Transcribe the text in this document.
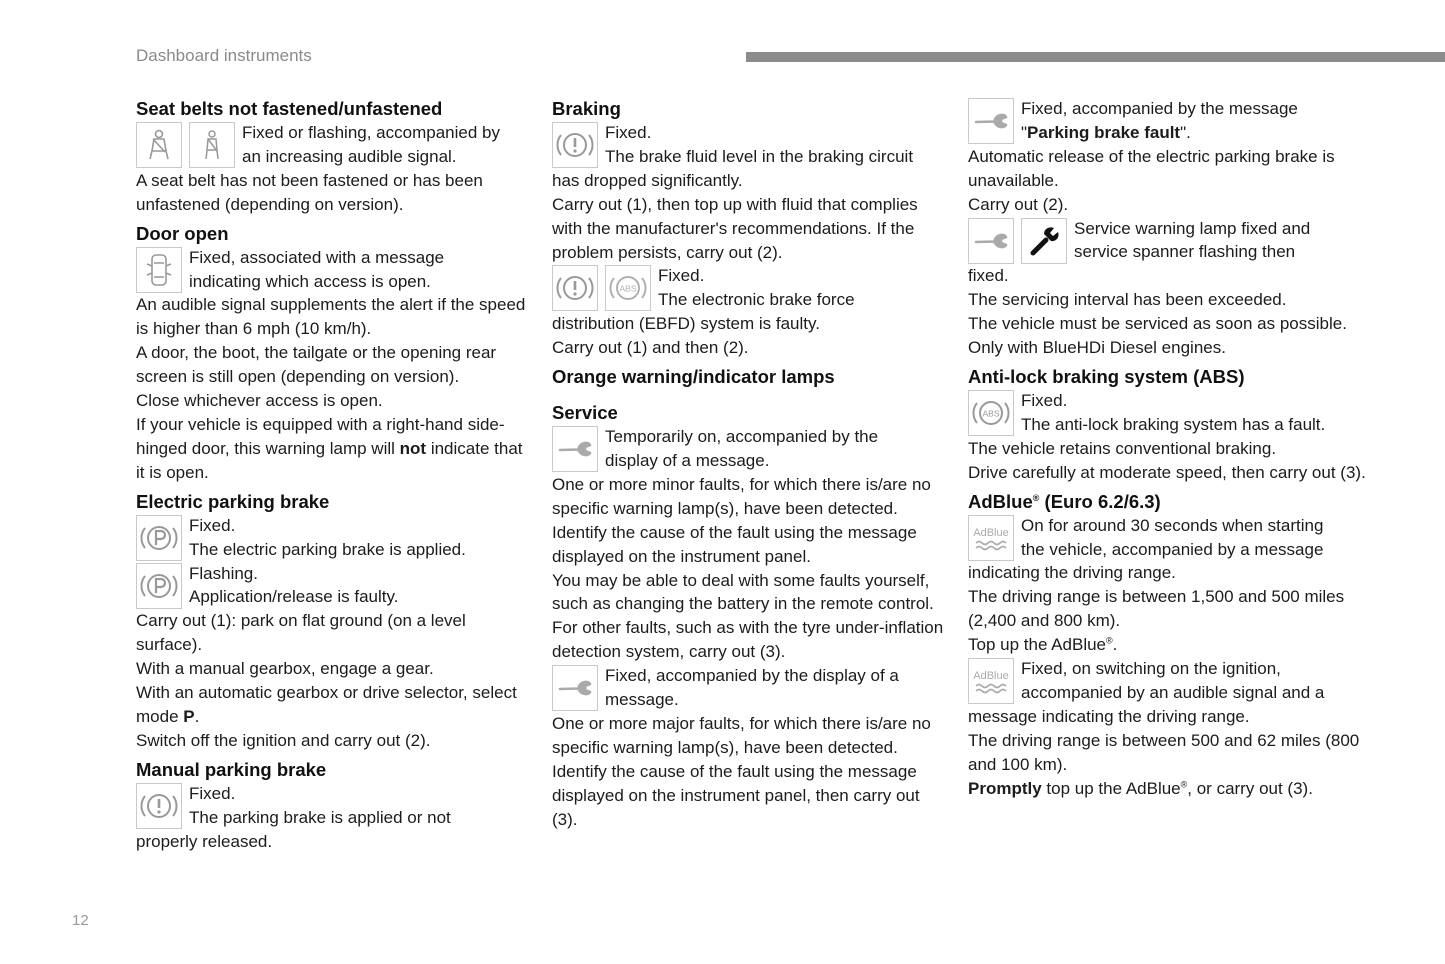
Dashboard instruments
Seat belts not fastened/unfastened

Fixed or flashing, accompanied by

an increasing audible signal.

A seat belt has not been fastened or has been unfastened (depending on version).

Door open

Fixed, associated with a message

indicating which access is open.

An audible signal supplements the alert if the speed is higher than 6 mph (10 km/h).

A door, the boot, the tailgate or the opening rear screen is still open (depending on version).

Close whichever access is open.

If your vehicle is equipped with a right-hand side-hinged door, this warning lamp will not indicate that it is open.

Electric parking brake

Fixed.

The electric parking brake is applied.

Flashing.

Application/release is faulty.

Carry out (1): park on flat ground (on a level surface).

With a manual gearbox, engage a gear.

With an automatic gearbox or drive selector, select mode P.

Switch off the ignition and carry out (2).

Manual parking brake

Fixed.

The parking brake is applied or not

properly released.

Braking

Fixed.

The brake fluid level in the braking circuit

has dropped significantly.

Carry out (1), then top up with fluid that complies with the manufacturer's recommendations. If the problem persists, carry out (2).

ABS

Fixed.

The electronic brake force

distribution (EBFD) system is faulty.

Carry out (1) and then (2).

Orange warning/indicator lamps
Service

Temporarily on, accompanied by the

display of a message.

One or more minor faults, for which there is/are no specific warning lamp(s), have been detected.

Identify the cause of the fault using the message displayed on the instrument panel.

You may be able to deal with some faults yourself, such as changing the battery in the remote control.

For other faults, such as with the tyre under-inflation detection system, carry out (3).

Fixed, accompanied by the display of a

message.

One or more major faults, for which there is/are no specific warning lamp(s), have been detected.

Identify the cause of the fault using the message displayed on the instrument panel, then carry out (3).

Fixed, accompanied by the message

"Parking brake fault".

Automatic release of the electric parking brake is unavailable.

Carry out (2).

Service warning lamp fixed and

service spanner flashing then

fixed.

The servicing interval has been exceeded.

The vehicle must be serviced as soon as possible.

Only with BlueHDi Diesel engines.

Anti-lock braking system (ABS)
ABS

Fixed.

The anti-lock braking system has a fault.

The vehicle retains conventional braking.

Drive carefully at moderate speed, then carry out (3).

AdBlue® (Euro 6.2/6.3)
AdBlue On for around 30 seconds when starting

the vehicle, accompanied by a message

indicating the driving range.

The driving range is between 1,500 and 500 miles (2,400 and 800 km).

Top up the AdBlue®.

AdBlue Fixed, on switching on the ignition,

accompanied by an audible signal and a

message indicating the driving range.

The driving range is between 500 and 62 miles (800 and 100 km).

Promptly top up the AdBlue®, or carry out (3).

12
